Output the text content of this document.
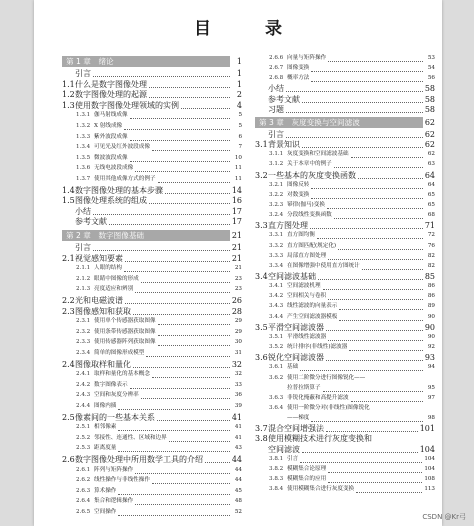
目 录
第 1 章　绪论	1
引言	1
1.1 什么是数字图像处理	1
1.2 数字图像处理的起源	2
1.3 使用数字图像处理领域的实例	4
1.3.1 伽马射线成像	5
1.3.2 X 射线成像	5
1.3.3 紫外波段成像	6
1.3.4 可见光及红外波段成像	7
1.3.5 微波波段成像	10
1.3.6 无线电波段成像	11
1.3.7 使用其他成像方式的例子	11
1.4 数字图像处理的基本步骤	14
1.5 图像处理系统的组成	16
小结	17
参考文献	17
第 2 章　数字图像基础	21
引言	21
2.1 视觉感知要素	21
2.1.1 人眼的结构	21
2.1.2 眼睛中图像的形成	23
2.1.3 亮度适应和辨别	23
2.2 光和电磁波谱	26
2.3 图像感知和获取	28
2.3.1 使用单个传感器获取图像	29
2.3.2 使用条带传感器获取图像	29
2.3.3 使用传感器阵列获取图像	30
2.3.4 简单的图像形成模型	31
2.4 图像取样和量化	32
2.4.1 取样和量化的基本概念	32
2.4.2 数字图像表示	33
2.4.3 空间和灰度分辨率	36
2.4.4 图像内插	39
2.5 像素间的一些基本关系	41
2.5.1 相邻像素	41
2.5.2 邻接性、连通性、区域和边界	41
2.5.3 距离度量	43
2.6 数字图像处理中所用数学工具的介绍	44
2.6.1 阵列与矩阵操作	44
2.6.2 线性操作与非线性操作	44
2.6.3 算术操作	45
2.6.4 集合和逻辑操作	48
2.6.5 空间操作	52
2.6.6 向量与矩阵操作	53
2.6.7 图像变换	54
2.6.8 概率方法	56
小结	58
参考文献	58
习题	58
第 3 章　灰度变换与空间滤波	62
引言	62
3.1 背景知识	62
3.1.1 灰度变换和空间滤波基础	62
3.1.2 关于本章中的例子	63
3.2 一些基本的灰度变换函数	64
3.2.1 图像反转	64
3.2.2 对数变换	65
3.2.3 幂律(伽马)变换	65
3.2.4 分段线性变换函数	68
3.3 直方图处理	71
3.3.1 直方图均衡	72
3.3.2 直方图匹配(规定化)	76
3.3.3 局部直方图处理	82
3.3.4 在图像增强中使用直方图统计	82
3.4 空间滤波基础	85
3.4.1 空间滤波机理	86
3.4.2 空间相关与卷积	86
3.4.3 线性滤波的向量表示	89
3.4.4 产生空间滤波器模板	90
3.5 平滑空间滤波器	90
3.5.1 平滑线性滤波器	90
3.5.2 统计排序(非线性)滤波器	92
3.6 锐化空间滤波器	93
3.6.1 基础	94
3.6.2 使用二阶微分进行图像锐化——
拉普拉斯算子	95
3.6.3 非锐化掩蔽和高提升滤波	97
3.6.4 使用一阶微分对(非线性)图像锐化
——梯度	98
3.7 混合空间增强法	101
3.8 使用模糊技术进行灰度变换和
空间滤波	104
3.8.1 引言	104
3.8.2 模糊集合论原理	104
3.8.3 模糊集合的应用	108
3.8.4 使用模糊集合进行灰度变换	113
CSDN @Kr弓
